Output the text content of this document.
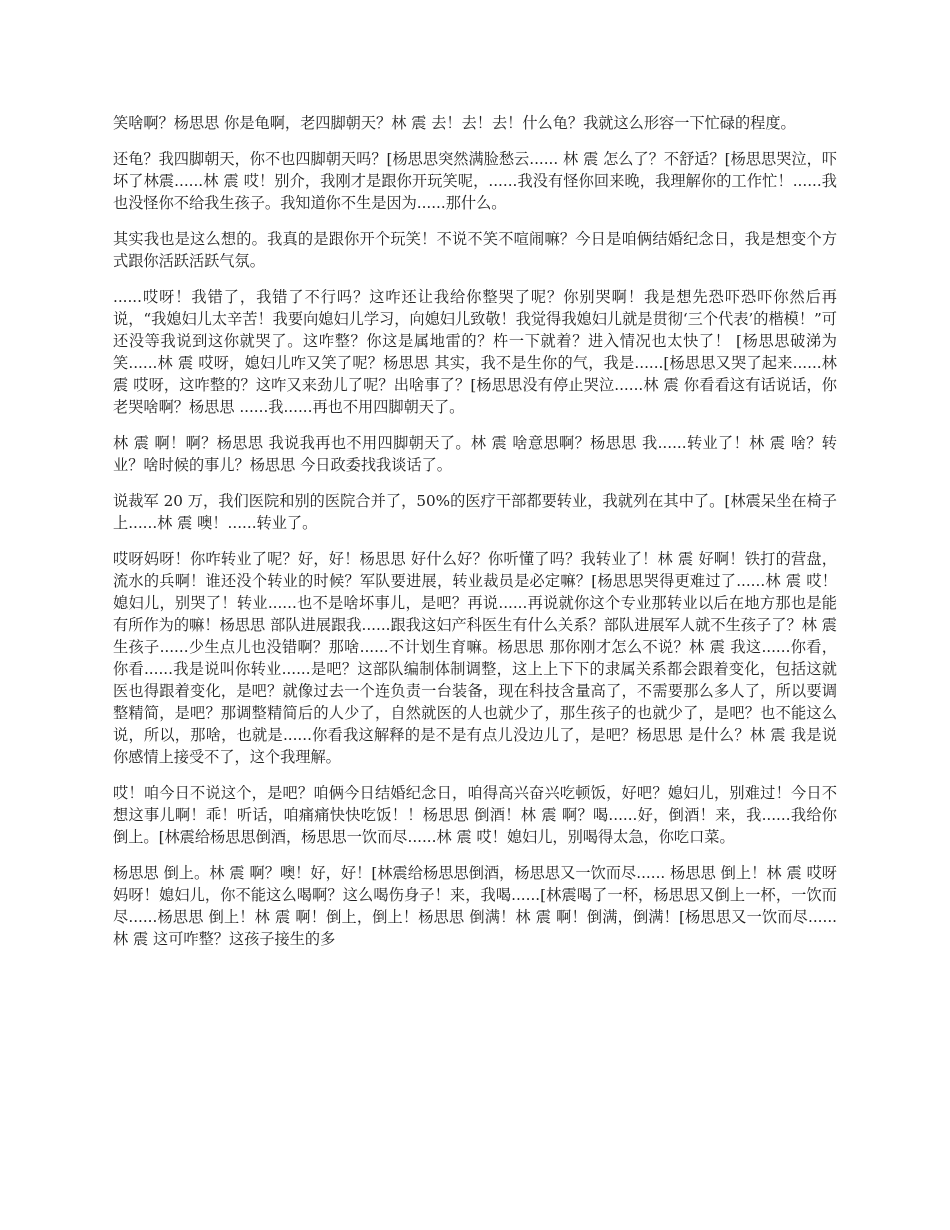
笑啥啊？杨思思 你是龟啊，老四脚朝天？林 震 去！去！去！什么龟？我就这么形容一下忙碌的程度。

还龟？我四脚朝天，你不也四脚朝天吗？[杨思思突然满脸愁云...... 林 震 怎么了？不舒适？[杨思思哭泣，吓坏了林震......林 震 哎！别介，我刚才是跟你开玩笑呢，......我没有怪你回来晚，我理解你的工作忙！......我也没怪你不给我生孩子。我知道你不生是因为......那什么。

其实我也是这么想的。我真的是跟你开个玩笑！不说不笑不喧闹嘛？今日是咱俩结婚纪念日，我是想变个方式跟你活跃活跃气氛。

......哎呀！我错了，我错了不行吗？这咋还让我给你整哭了呢？你别哭啊！我是想先恐吓恐吓你然后再说，“我媳妇儿太辛苦！我要向媳妇儿学习，向媳妇儿致敬！我觉得我媳妇儿就是贯彻‘三个代表’的楷模！”可还没等我说到这你就哭了。这咋整？你这是属地雷的？杵一下就着？进入情况也太快了！ [杨思思破涕为笑......林 震 哎呀，媳妇儿咋又笑了呢？杨思思 其实，我不是生你的气，我是......[杨思思又哭了起来......林 震 哎呀，这咋整的？这咋又来劲儿了呢？出啥事了？[杨思思没有停止哭泣......林 震 你看看这有话说话，你老哭啥啊？杨思思 ......我......再也不用四脚朝天了。

林 震 啊！啊？杨思思 我说我再也不用四脚朝天了。林 震 啥意思啊？杨思思 我......转业了！林 震 啥？转业？啥时候的事儿？杨思思 今日政委找我谈话了。

说裁军 20 万，我们医院和别的医院合并了，50%的医疗干部都要转业，我就列在其中了。[林震呆坐在椅子上......林 震 噢！......转业了。

哎呀妈呀！你咋转业了呢？好，好！杨思思 好什么好？你听懂了吗？我转业了！林 震 好啊！铁打的营盘，流水的兵啊！谁还没个转业的时候？军队要进展，转业裁员是必定嘛？[杨思思哭得更难过了......林 震 哎！媳妇儿，别哭了！转业......也不是啥坏事儿，是吧？再说......再说就你这个专业那转业以后在地方那也是能有所作为的嘛！杨思思 部队进展跟我......跟我这妇产科医生有什么关系？部队进展军人就不生孩子了？林 震 生孩子......少生点儿也没错啊？那啥......不计划生育嘛。杨思思 那你刚才怎么不说？林 震 我这......你看，你看......我是说叫你转业......是吧？这部队编制体制调整，这上上下下的隶属关系都会跟着变化，包括这就医也得跟着变化，是吧？就像过去一个连负责一台装备，现在科技含量高了，不需要那么多人了，所以要调整精简，是吧？那调整精简后的人少了，自然就医的人也就少了，那生孩子的也就少了，是吧？也不能这么说，所以，那啥，也就是......你看我这解释的是不是有点儿没边儿了，是吧？杨思思 是什么？林 震 我是说你感情上接受不了，这个我理解。

哎！咱今日不说这个，是吧？咱俩今日结婚纪念日，咱得高兴奋兴吃顿饭，好吧？媳妇儿，别难过！今日不想这事儿啊！乖！听话，咱痛痛快快吃饭！！杨思思 倒酒！林 震 啊？喝......好，倒酒！来，我......我给你倒上。[林震给杨思思倒酒，杨思思一饮而尽......林 震 哎！媳妇儿，别喝得太急，你吃口菜。

杨思思 倒上。林 震 啊？噢！好，好！[林震给杨思思倒酒，杨思思又一饮而尽...... 杨思思 倒上！林 震 哎呀妈呀！媳妇儿，你不能这么喝啊？这么喝伤身子！来，我喝......[林震喝了一杯，杨思思又倒上一杯，一饮而尽......杨思思 倒上！林 震 啊！倒上，倒上！杨思思 倒满！林 震 啊！倒满，倒满！[杨思思又一饮而尽......林 震 这可咋整？这孩子接生的多
